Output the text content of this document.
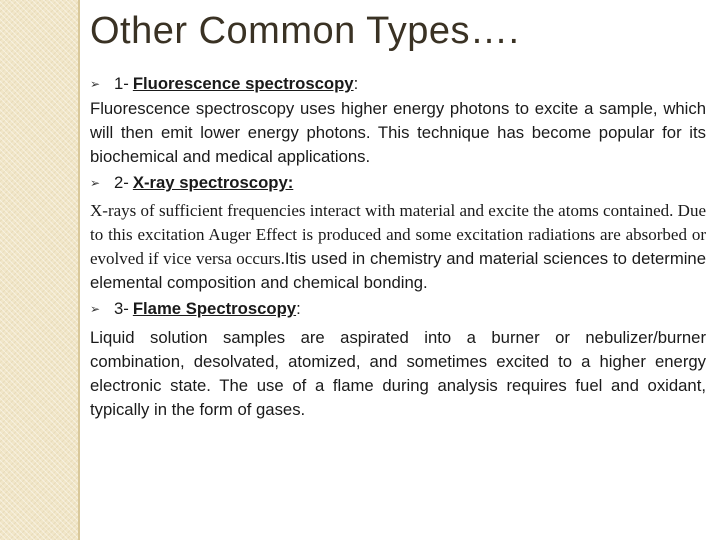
Other Common Types….
➢ 1- Fluorescence spectroscopy :
Fluorescence spectroscopy uses higher energy photons to excite a sample, which will then emit lower energy photons. This technique has become popular for its biochemical and medical applications.
➢ 2- X-ray spectroscopy:
X-rays of sufficient frequencies interact with material and excite the atoms contained. Due to this excitation Auger Effect is produced and some excitation radiations are absorbed or evolved if vice versa occurs.Itis used in chemistry and material sciences to determine elemental composition and chemical bonding.
➢ 3- Flame Spectroscopy :
Liquid solution samples are aspirated into a burner or nebulizer/burner combination, desolvated, atomized, and sometimes excited to a higher energy electronic state. The use of a flame during analysis requires fuel and oxidant, typically in the form of gases.
